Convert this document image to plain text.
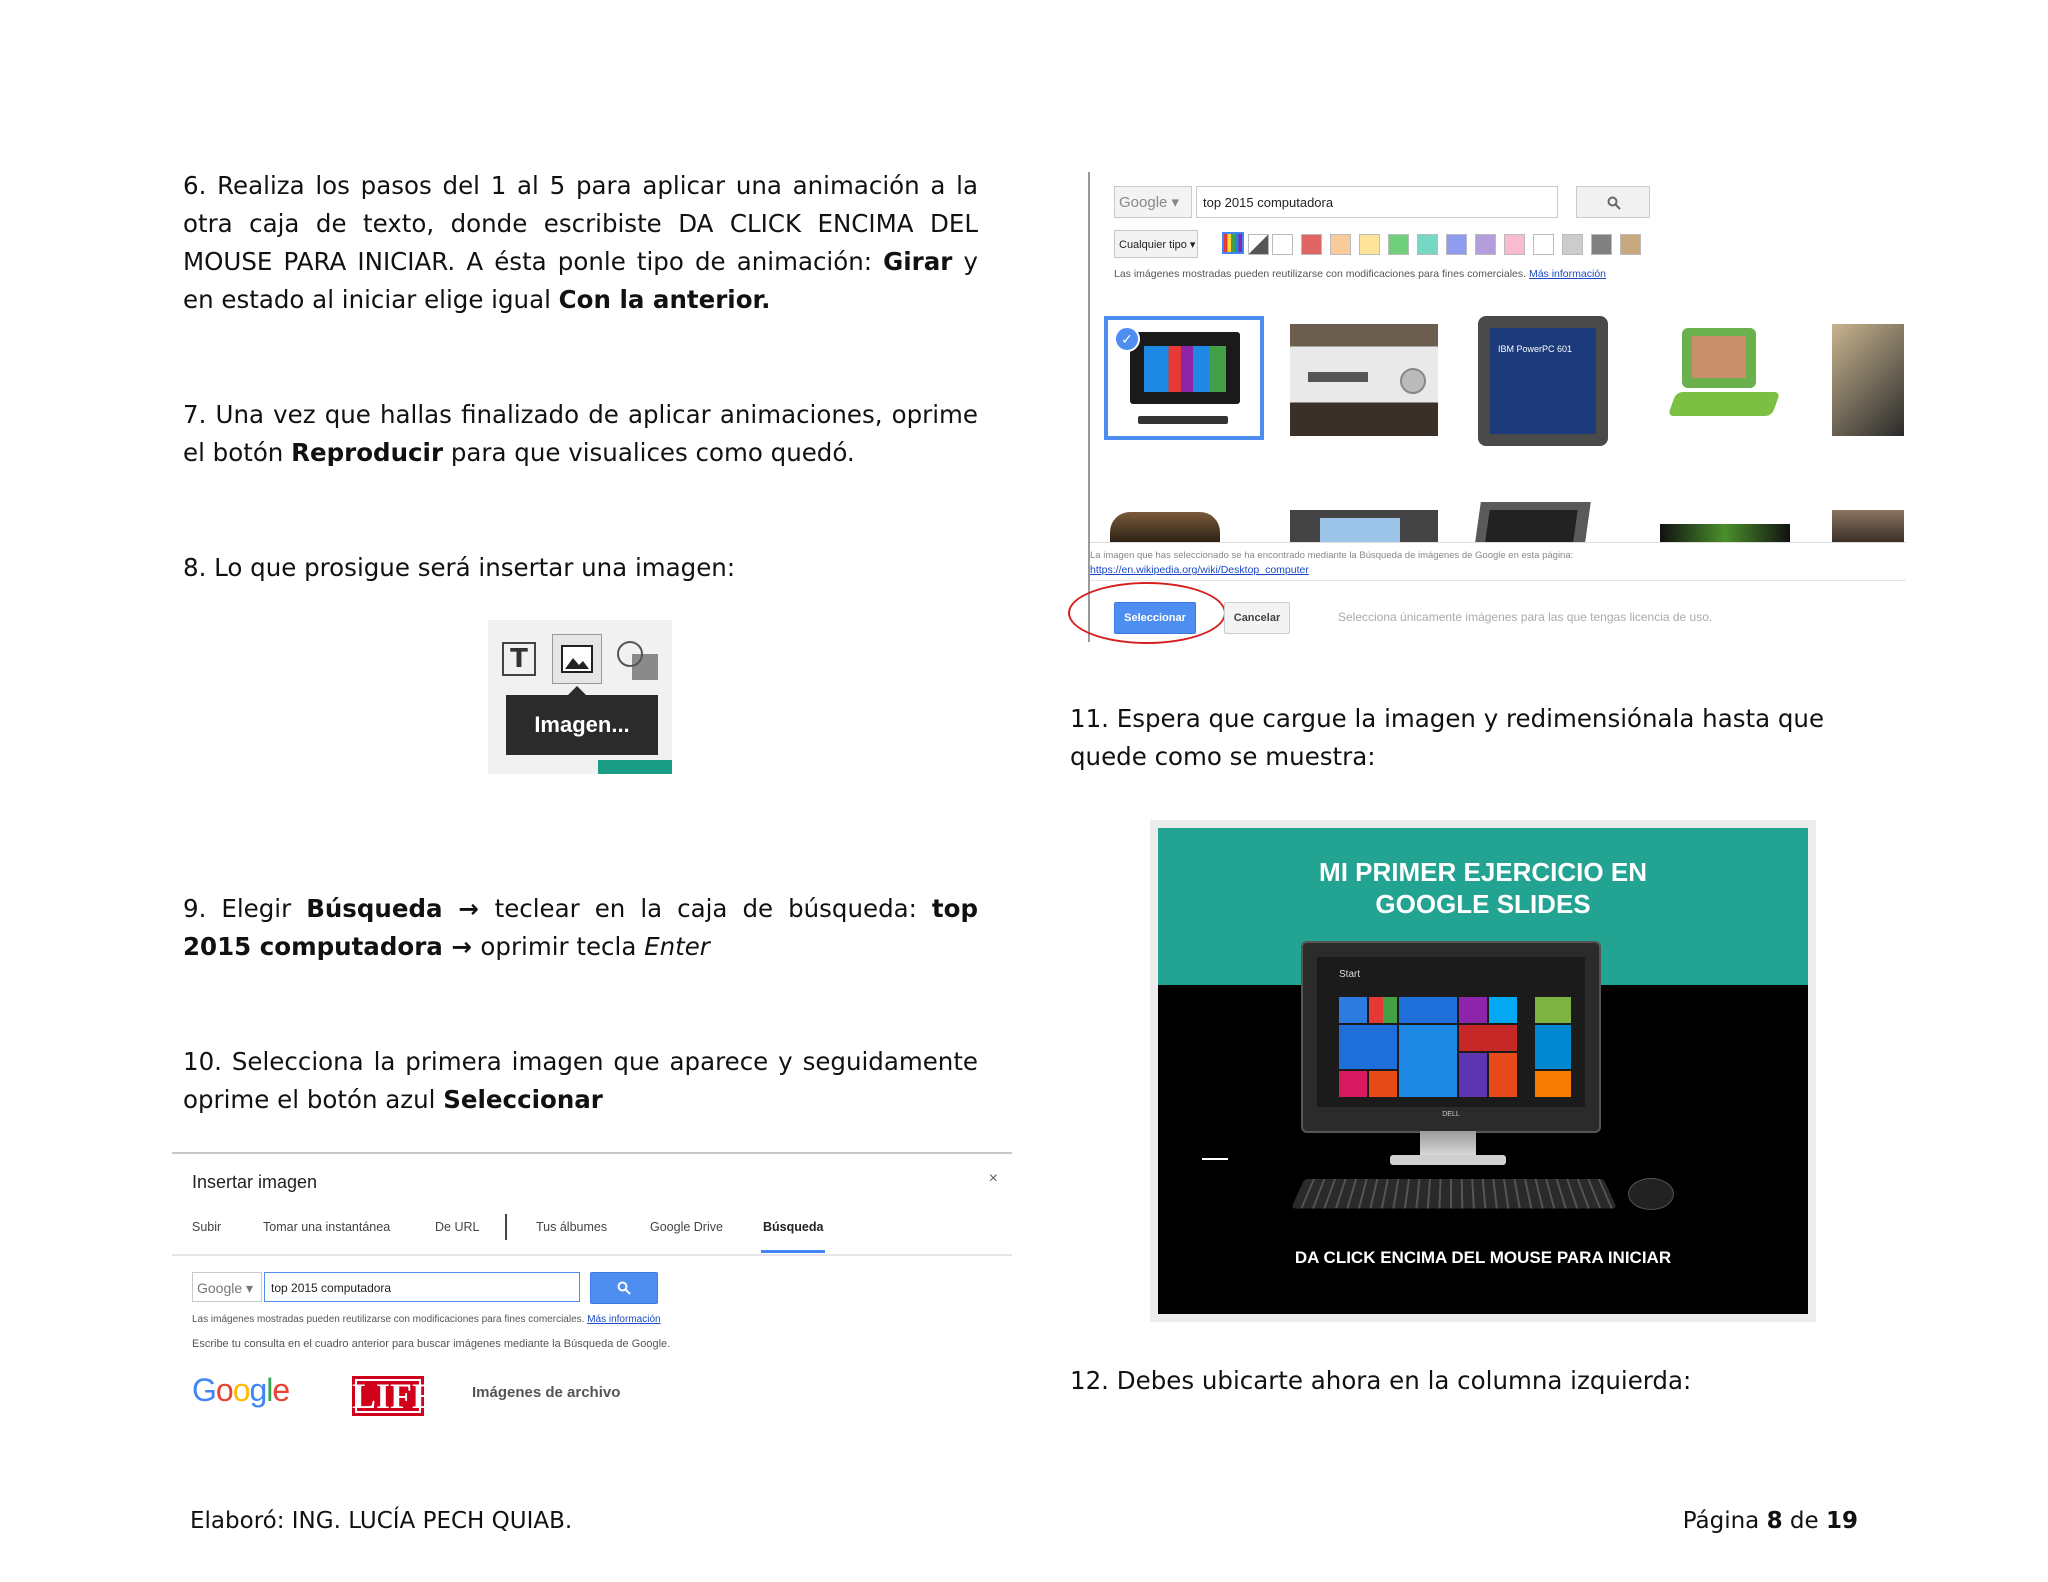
6. Realiza los pasos del 1 al 5 para aplicar una animación a la otra caja de texto, donde escribiste DA CLICK ENCIMA DEL MOUSE PARA INICIAR. A ésta ponle tipo de animación: Girar y en estado al iniciar elige igual Con la anterior.
7. Una vez que hallas finalizado de aplicar animaciones, oprime el botón Reproducir para que visualices como quedó.
8. Lo que prosigue será insertar una imagen:
T
Imagen...
9. Elegir Búsqueda → teclear en la caja de búsqueda: top 2015 computadora → oprimir tecla Enter
10. Selecciona la primera imagen que aparece y seguidamente oprime el botón azul Seleccionar
Insertar imagen	×
Subir	Tomar una instantánea	De URL	Tus álbumes	Google Drive	Búsqueda
Google ▾	top 2015 computadora
Las imágenes mostradas pueden reutilizarse con modificaciones para fines comerciales. Más información
Escribe tu consulta en el cuadro anterior para buscar imágenes mediante la Búsqueda de Google.
Google LIFE Imágenes de archivo
Google ▾	top 2015 computadora
Cualquier tipo ▾
Las imágenes mostradas pueden reutilizarse con modificaciones para fines comerciales. Más información
✓
IBM PowerPC 601
La imagen que has seleccionado se ha encontrado mediante la Búsqueda de imágenes de Google en esta página:
https://en.wikipedia.org/wiki/Desktop_computer
Seleccionar	Cancelar	Selecciona únicamente imágenes para las que tengas licencia de uso.
11. Espera que cargue la imagen y redimensiónala hasta que quede como se muestra:
MI PRIMER EJERCICIO EN
GOOGLE SLIDES
Start
DELL
DA CLICK ENCIMA DEL MOUSE PARA INICIAR
12. Debes ubicarte ahora en la columna izquierda:
Elaboró: ING. LUCÍA PECH QUIAB.	Página 8 de 19
